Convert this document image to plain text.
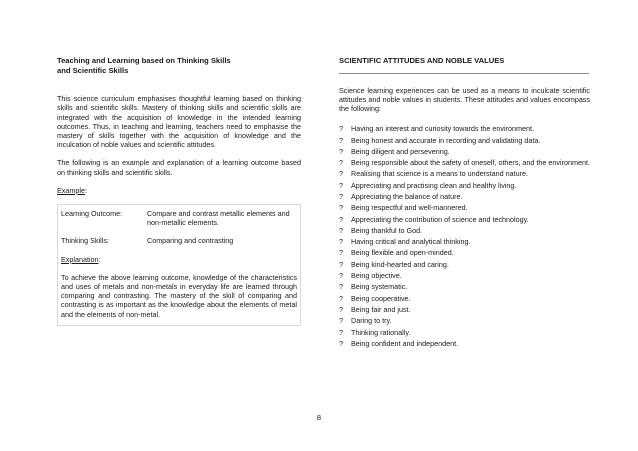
Teaching and Learning based on Thinking Skills
and Scientific Skills

This science curriculum emphasises thoughtful learning based on thinking skills and scientific skills. Mastery of thinking skills and scientific skills are integrated with the acquisition of knowledge in the intended learning outcomes. Thus, in teaching and learning, teachers need to emphasise the mastery of skills together with the acquisition of knowledge and the inculcation of noble values and scientific attitudes.

The following is an example and explanation of a learning outcome based on thinking skills and scientific skills.

Example:
Learning Outcome:	Compare and contrast metallic elements and non-metallic elements.
Thinking Skills:	Comparing and contrasting
Explanation:

To achieve the above learning outcome, knowledge of the characteristics and uses of metals and non-metals in everyday life are learned through comparing and contrasting. The mastery of the skill of comparing and contrasting is as important as the knowledge about the elements of metal and the elements of non-metal.

SCIENTIFIC ATTITUDES AND NOBLE VALUES

Science learning experiences can be used as a means to inculcate scientific attitudes and noble values in students. These attitudes and values encompass the following:

?	Having an interest and curiosity towards the environment.
?	Being honest and accurate in recording and validating data.
?	Being diligent and persevering.
?	Being responsible about the safety of oneself, others, and the environment.
?	Realising that science is a means to understand nature.
?	Appreciating and practising clean and healthy living.
?	Appreciating the balance of nature.
?	Being respectful and well-mannered.
?	Appreciating the contribution of science and technology.
?	Being thankful to God.
?	Having critical and analytical thinking.
?	Being flexible and open-minded.
?	Being kind-hearted and caring.
?	Being objective.
?	Being systematic.
?	Being cooperative.
?	Being fair and just.
?	Daring to try.
?	Thinking rationally.
?	Being confident and independent.
8
